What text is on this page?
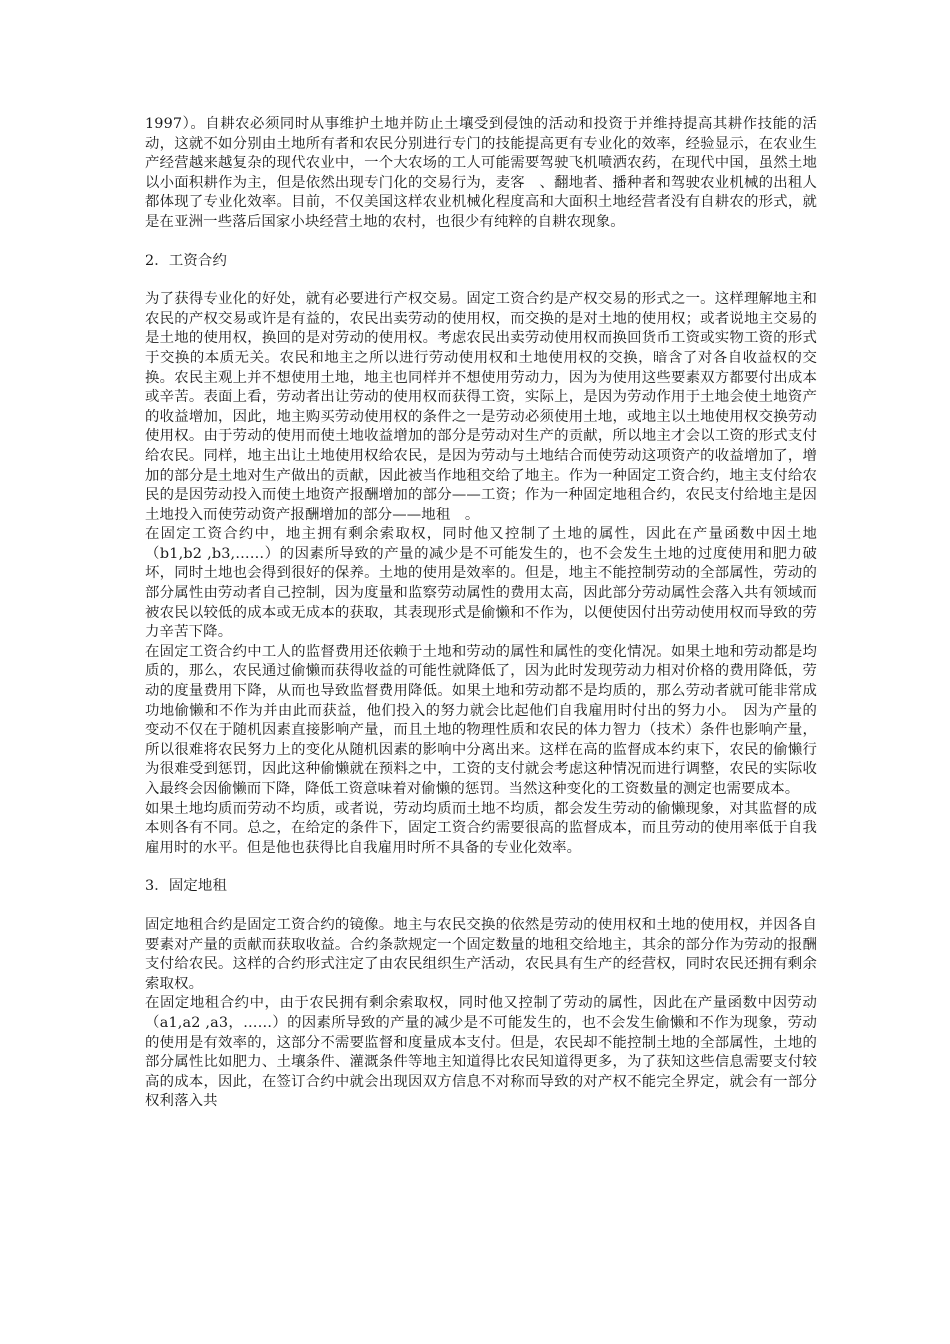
1997）。自耕农必须同时从事维护土地并防止土壤受到侵蚀的活动和投资于并维持提高其耕作技能的活动，这就不如分别由土地所有者和农民分别进行专门的技能提高更有专业化的效率，经验显示，在农业生产经营越来越复杂的现代农业中，一个大农场的工人可能需要驾驶飞机喷洒农药，在现代中国，虽然土地以小面积耕作为主，但是依然出现专门化的交易行为，麦客　、翻地者、播种者和驾驶农业机械的出租人都体现了专业化效率。目前，不仅美国这样农业机械化程度高和大面积土地经营者没有自耕农的形式，就是在亚洲一些落后国家小块经营土地的农村，也很少有纯粹的自耕农现象。

2．工资合约

为了获得专业化的好处，就有必要进行产权交易。固定工资合约是产权交易的形式之一。这样理解地主和农民的产权交易或许是有益的，农民出卖劳动的使用权，而交换的是对土地的使用权；或者说地主交易的是土地的使用权，换回的是对劳动的使用权。考虑农民出卖劳动使用权而换回货币工资或实物工资的形式于交换的本质无关。农民和地主之所以进行劳动使用权和土地使用权的交换，暗含了对各自收益权的交换。农民主观上并不想使用土地，地主也同样并不想使用劳动力，因为为使用这些要素双方都要付出成本或辛苦。表面上看，劳动者出让劳动的使用权而获得工资，实际上，是因为劳动作用于土地会使土地资产的收益增加，因此，地主购买劳动使用权的条件之一是劳动必须使用土地，或地主以土地使用权交换劳动使用权。由于劳动的使用而使土地收益增加的部分是劳动对生产的贡献，所以地主才会以工资的形式支付给农民。同样，地主出让土地使用权给农民，是因为劳动与土地结合而使劳动这项资产的收益增加了，增加的部分是土地对生产做出的贡献，因此被当作地租交给了地主。作为一种固定工资合约，地主支付给农民的是因劳动投入而使土地资产报酬增加的部分——工资；作为一种固定地租合约，农民支付给地主是因土地投入而使劳动资产报酬增加的部分——地租　。

在固定工资合约中，地主拥有剩余索取权，同时他又控制了土地的属性，因此在产量函数中因土地（b1,b2 ,b3,……）的因素所导致的产量的减少是不可能发生的，也不会发生土地的过度使用和肥力破坏，同时土地也会得到很好的保养。土地的使用是效率的。但是，地主不能控制劳动的全部属性，劳动的部分属性由劳动者自己控制，因为度量和监察劳动属性的费用太高，因此部分劳动属性会落入共有领域而被农民以较低的成本或无成本的获取，其表现形式是偷懒和不作为，以便使因付出劳动使用权而导致的劳力辛苦下降。

在固定工资合约中工人的监督费用还依赖于土地和劳动的属性和属性的变化情况。如果土地和劳动都是均质的，那么，农民通过偷懒而获得收益的可能性就降低了，因为此时发现劳动力相对价格的费用降低，劳动的度量费用下降，从而也导致监督费用降低。如果土地和劳动都不是均质的，那么劳动者就可能非常成功地偷懒和不作为并由此而获益，他们投入的努力就会比起他们自我雇用时付出的努力小。　因为产量的变动不仅在于随机因素直接影响产量，而且土地的物理性质和农民的体力智力（技术）条件也影响产量，所以很难将农民努力上的变化从随机因素的影响中分离出来。这样在高的监督成本约束下，农民的偷懒行为很难受到惩罚，因此这种偷懒就在预料之中，工资的支付就会考虑这种情况而进行调整，农民的实际收入最终会因偷懒而下降，降低工资意味着对偷懒的惩罚。当然这种变化的工资数量的测定也需要成本。

如果土地均质而劳动不均质，或者说，劳动均质而土地不均质，都会发生劳动的偷懒现象，对其监督的成本则各有不同。总之，在给定的条件下，固定工资合约需要很高的监督成本，而且劳动的使用率低于自我雇用时的水平。但是他也获得比自我雇用时所不具备的专业化效率。

3．固定地租

固定地租合约是固定工资合约的镜像。地主与农民交换的依然是劳动的使用权和土地的使用权，并因各自要素对产量的贡献而获取收益。合约条款规定一个固定数量的地租交给地主，其余的部分作为劳动的报酬支付给农民。这样的合约形式注定了由农民组织生产活动，农民具有生产的经营权，同时农民还拥有剩余索取权。

在固定地租合约中，由于农民拥有剩余索取权，同时他又控制了劳动的属性，因此在产量函数中因劳动（a1,a2 ,a3，……）的因素所导致的产量的减少是不可能发生的，也不会发生偷懒和不作为现象，劳动的使用是有效率的，这部分不需要监督和度量成本支付。但是，农民却不能控制土地的全部属性，土地的部分属性比如肥力、土壤条件、灌溉条件等地主知道得比农民知道得更多，为了获知这些信息需要支付较高的成本，因此，在签订合约中就会出现因双方信息不对称而导致的对产权不能完全界定，就会有一部分权利落入共
